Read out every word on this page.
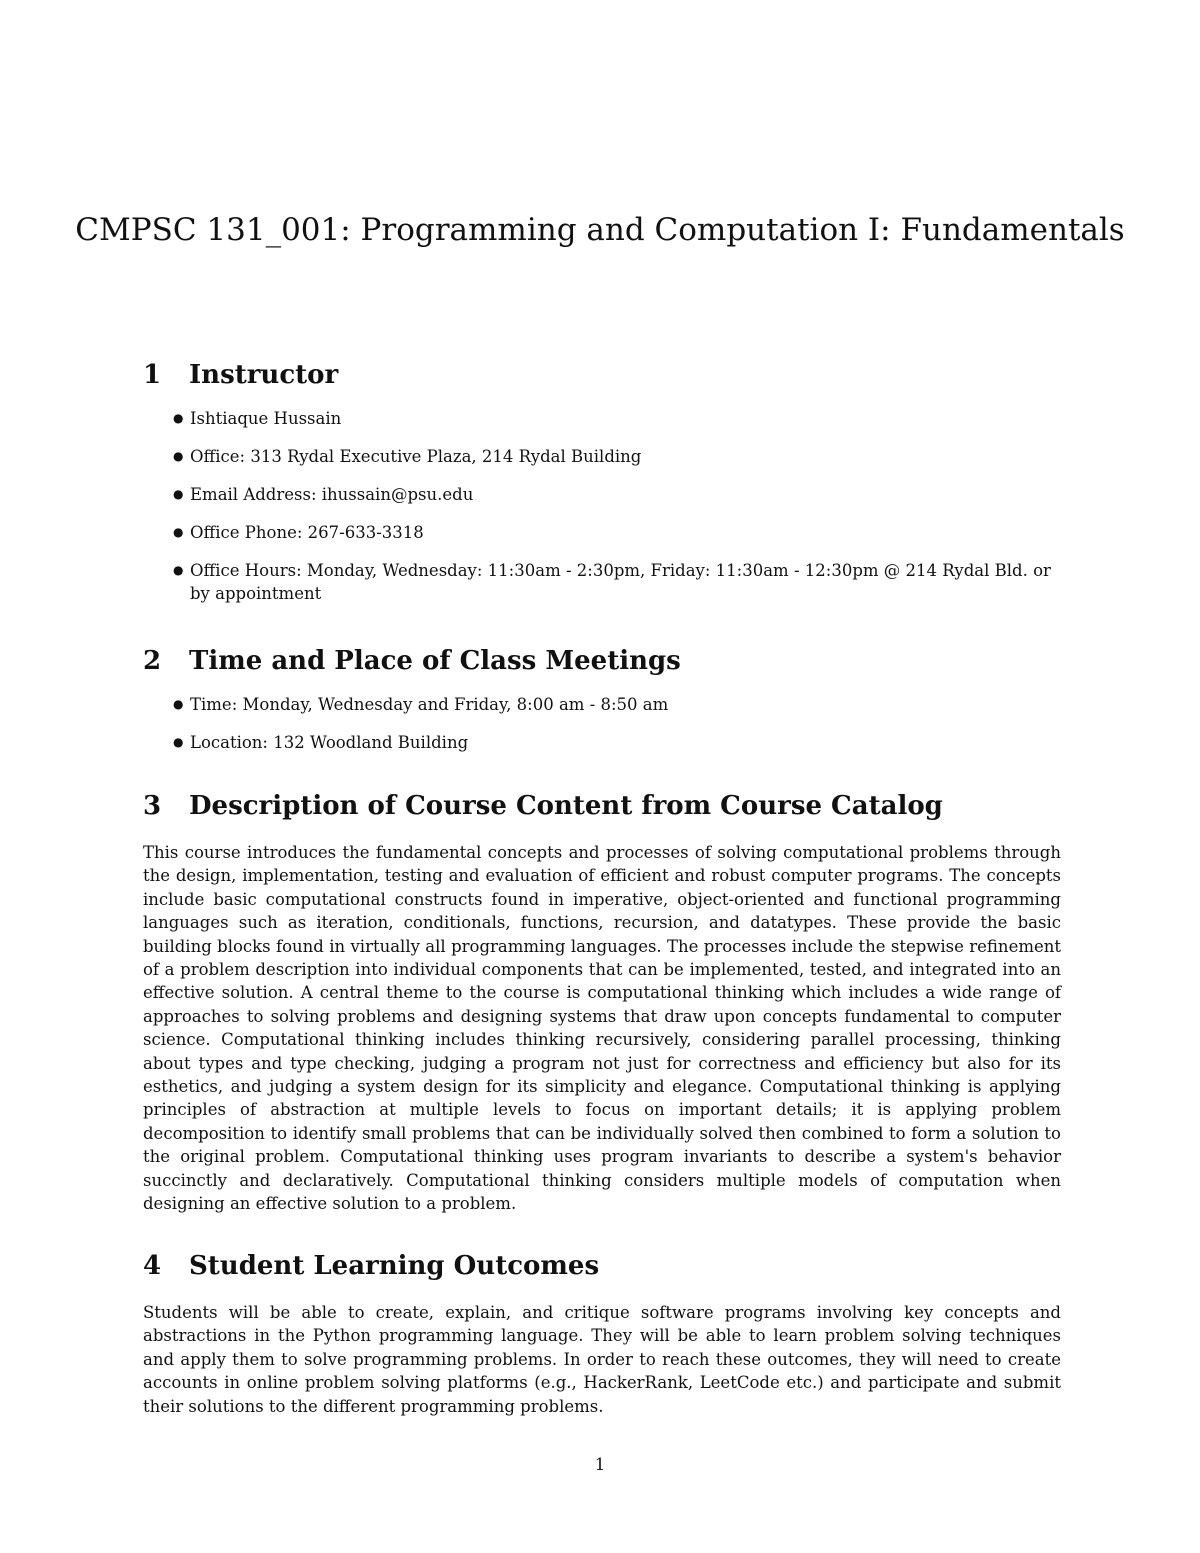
CMPSC 131_001: Programming and Computation I: Fundamentals
1 Instructor
● Ishtiaque Hussain
● Office: 313 Rydal Executive Plaza, 214 Rydal Building
● Email Address: ihussain@psu.edu
● Office Phone: 267-633-3318
● Office Hours: Monday, Wednesday: 11:30am - 2:30pm, Friday: 11:30am - 12:30pm @ 214 Rydal Bld. or by appointment
2 Time and Place of Class Meetings
● Time: Monday, Wednesday and Friday, 8:00 am - 8:50 am
● Location: 132 Woodland Building
3 Description of Course Content from Course Catalog

This course introduces the fundamental concepts and processes of solving computational problems through the design, implementation, testing and evaluation of efficient and robust computer programs. The concepts include basic computational constructs found in imperative, object-oriented and functional programming languages such as iteration, conditionals, functions, recursion, and datatypes. These provide the basic building blocks found in virtually all programming languages. The processes include the stepwise refinement of a problem description into individual components that can be implemented, tested, and integrated into an effective solution. A central theme to the course is computational thinking which includes a wide range of approaches to solving problems and designing systems that draw upon concepts fundamental to computer science. Computational thinking includes thinking recursively, considering parallel processing, thinking about types and type checking, judging a program not just for correctness and efficiency but also for its esthetics, and judging a system design for its simplicity and elegance. Computational thinking is applying principles of abstraction at multiple levels to focus on important details; it is applying problem decomposition to identify small problems that can be individually solved then combined to form a solution to the original problem. Computational thinking uses program invariants to describe a system's behavior succinctly and declaratively. Computational thinking considers multiple models of computation when designing an effective solution to a problem.

4 Student Learning Outcomes

Students will be able to create, explain, and critique software programs involving key concepts and abstractions in the Python programming language. They will be able to learn problem solving techniques and apply them to solve programming problems. In order to reach these outcomes, they will need to create accounts in online problem solving platforms (e.g., HackerRank, LeetCode etc.) and participate and submit their solutions to the different programming problems.

1
